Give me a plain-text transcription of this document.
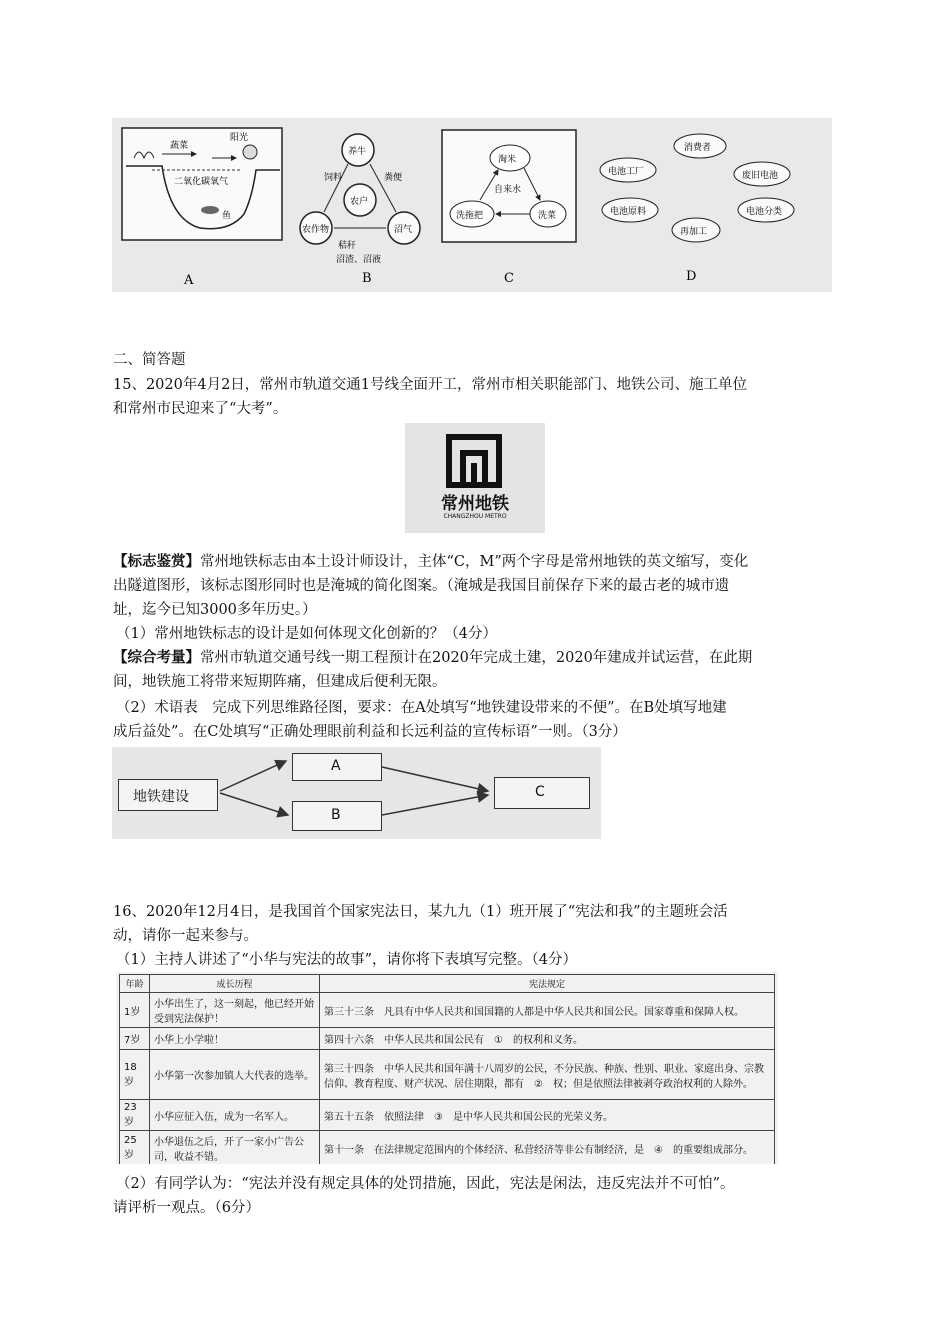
蔬菜
氧气
阳光
二氧化碳
鱼
养牛
农户
沼气
农作物
饲料	粪便
秸秆
沼渣、沼液
淘米
自来水
洗拖把	洗菜
消费者
废旧电池
电池分类
再加工
电池原料
电池工厂
A	B	C	D
二、简答题
15、2020年4月2日，常州市轨道交通1号线全面开工，常州市相关职能部门、地铁公司、施工单位
和常州市民迎来了“大考”。
常州地铁
CHANGZHOU METRO
【标志鉴赏】常州地铁标志由本土设计师设计，主体“C，M”两个字母是常州地铁的英文缩写，变化
出隧道图形，该标志图形同时也是淹城的简化图案。（淹城是我国目前保存下来的最古老的城市遗
址，迄今已知3000多年历史。）
（1）常州地铁标志的设计是如何体现文化创新的？（4分）
【综合考量】常州市轨道交通号线一期工程预计在2020年完成土建，2020年建成并试运营，在此期
间，地铁施工将带来短期阵痛，但建成后便利无限。
（2）术语表　完成下列思维路径图，要求：在A处填写“地铁建设带来的不便”。在B处填写地建
成后益处”。在C处填写“正确处理眼前利益和长远利益的宣传标语”一则。（3分）
地铁建设
A
B
C
16、2020年12月4日，是我国首个国家宪法日，某九九（1）班开展了“宪法和我”的主题班会活
动，请你一起来参与。
（1）主持人讲述了“小华与宪法的故事”，请你将下表填写完整。（4分）
年龄	成长历程	宪法规定
1岁	小华出生了，这一刻起，他已经开始受到宪法保护！	第三十三条　凡具有中华人民共和国国籍的人都是中华人民共和国公民。国家尊重和保障人权。
7岁	小华上小学啦！	第四十六条　中华人民共和国公民有　①　的权利和义务。
18岁	小华第一次参加镇人大代表的选举。	第三十四条　中华人民共和国年满十八周岁的公民，不分民族、种族、性别、职业、家庭出身、宗教信仰、教育程度、财产状况、居住期限，都有　②　权；但是依照法律被剥夺政治权利的人除外。
23岁	小华应征入伍，成为一名军人。	第五十五条　依照法律　③　是中华人民共和国公民的光荣义务。
25岁	小华退伍之后，开了一家小广告公司，收益不错。	第十一条　在法律规定范围内的个体经济、私营经济等非公有制经济，是　④　的重要组成部分。
（2）有同学认为：“宪法并没有规定具体的处罚措施，因此，宪法是闲法，违反宪法并不可怕”。
请评析一观点。（6分）
